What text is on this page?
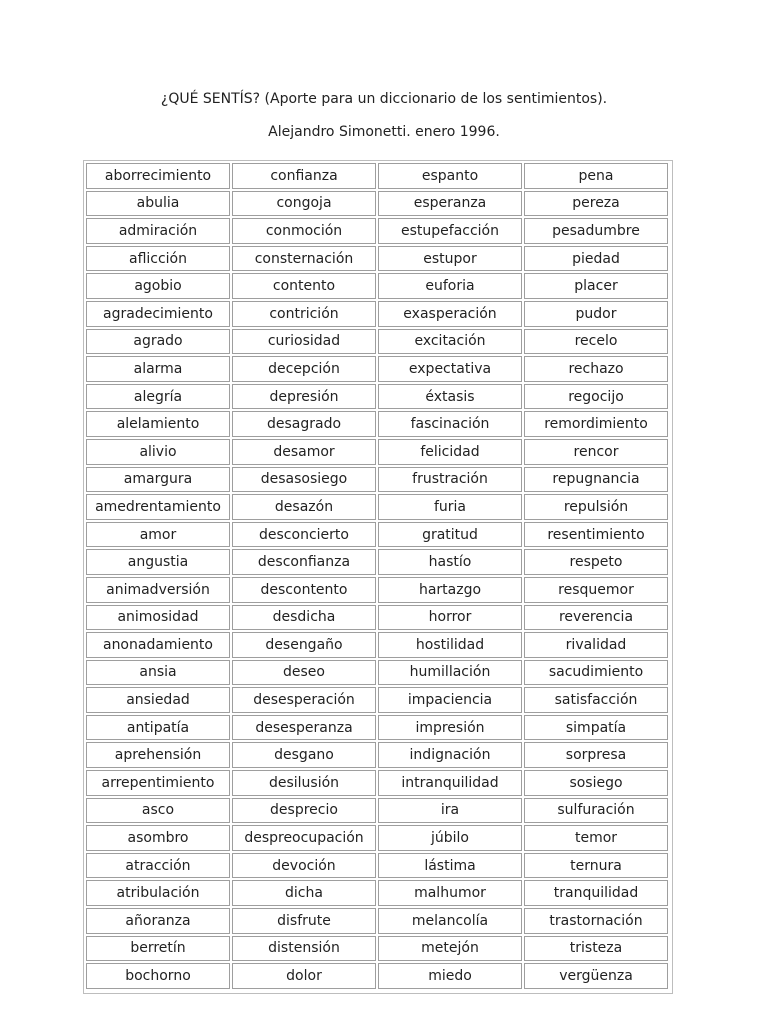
¿QUÉ SENTÍS? (Aporte para un diccionario de los sentimientos).
Alejandro Simonetti. enero 1996.
aborrecimiento	confianza	espanto	pena
abulia	congoja	esperanza	pereza
admiración	conmoción	estupefacción	pesadumbre
aflicción	consternación	estupor	piedad
agobio	contento	euforia	placer
agradecimiento	contrición	exasperación	pudor
agrado	curiosidad	excitación	recelo
alarma	decepción	expectativa	rechazo
alegría	depresión	éxtasis	regocijo
alelamiento	desagrado	fascinación	remordimiento
alivio	desamor	felicidad	rencor
amargura	desasosiego	frustración	repugnancia
amedrentamiento	desazón	furia	repulsión
amor	desconcierto	gratitud	resentimiento
angustia	desconfianza	hastío	respeto
animadversión	descontento	hartazgo	resquemor
animosidad	desdicha	horror	reverencia
anonadamiento	desengaño	hostilidad	rivalidad
ansia	deseo	humillación	sacudimiento
ansiedad	desesperación	impaciencia	satisfacción
antipatía	desesperanza	impresión	simpatía
aprehensión	desgano	indignación	sorpresa
arrepentimiento	desilusión	intranquilidad	sosiego
asco	desprecio	ira	sulfuración
asombro	despreocupación	júbilo	temor
atracción	devoción	lástima	ternura
atribulación	dicha	malhumor	tranquilidad
añoranza	disfrute	melancolía	trastornación
berretín	distensión	metejón	tristeza
bochorno	dolor	miedo	vergüenza
